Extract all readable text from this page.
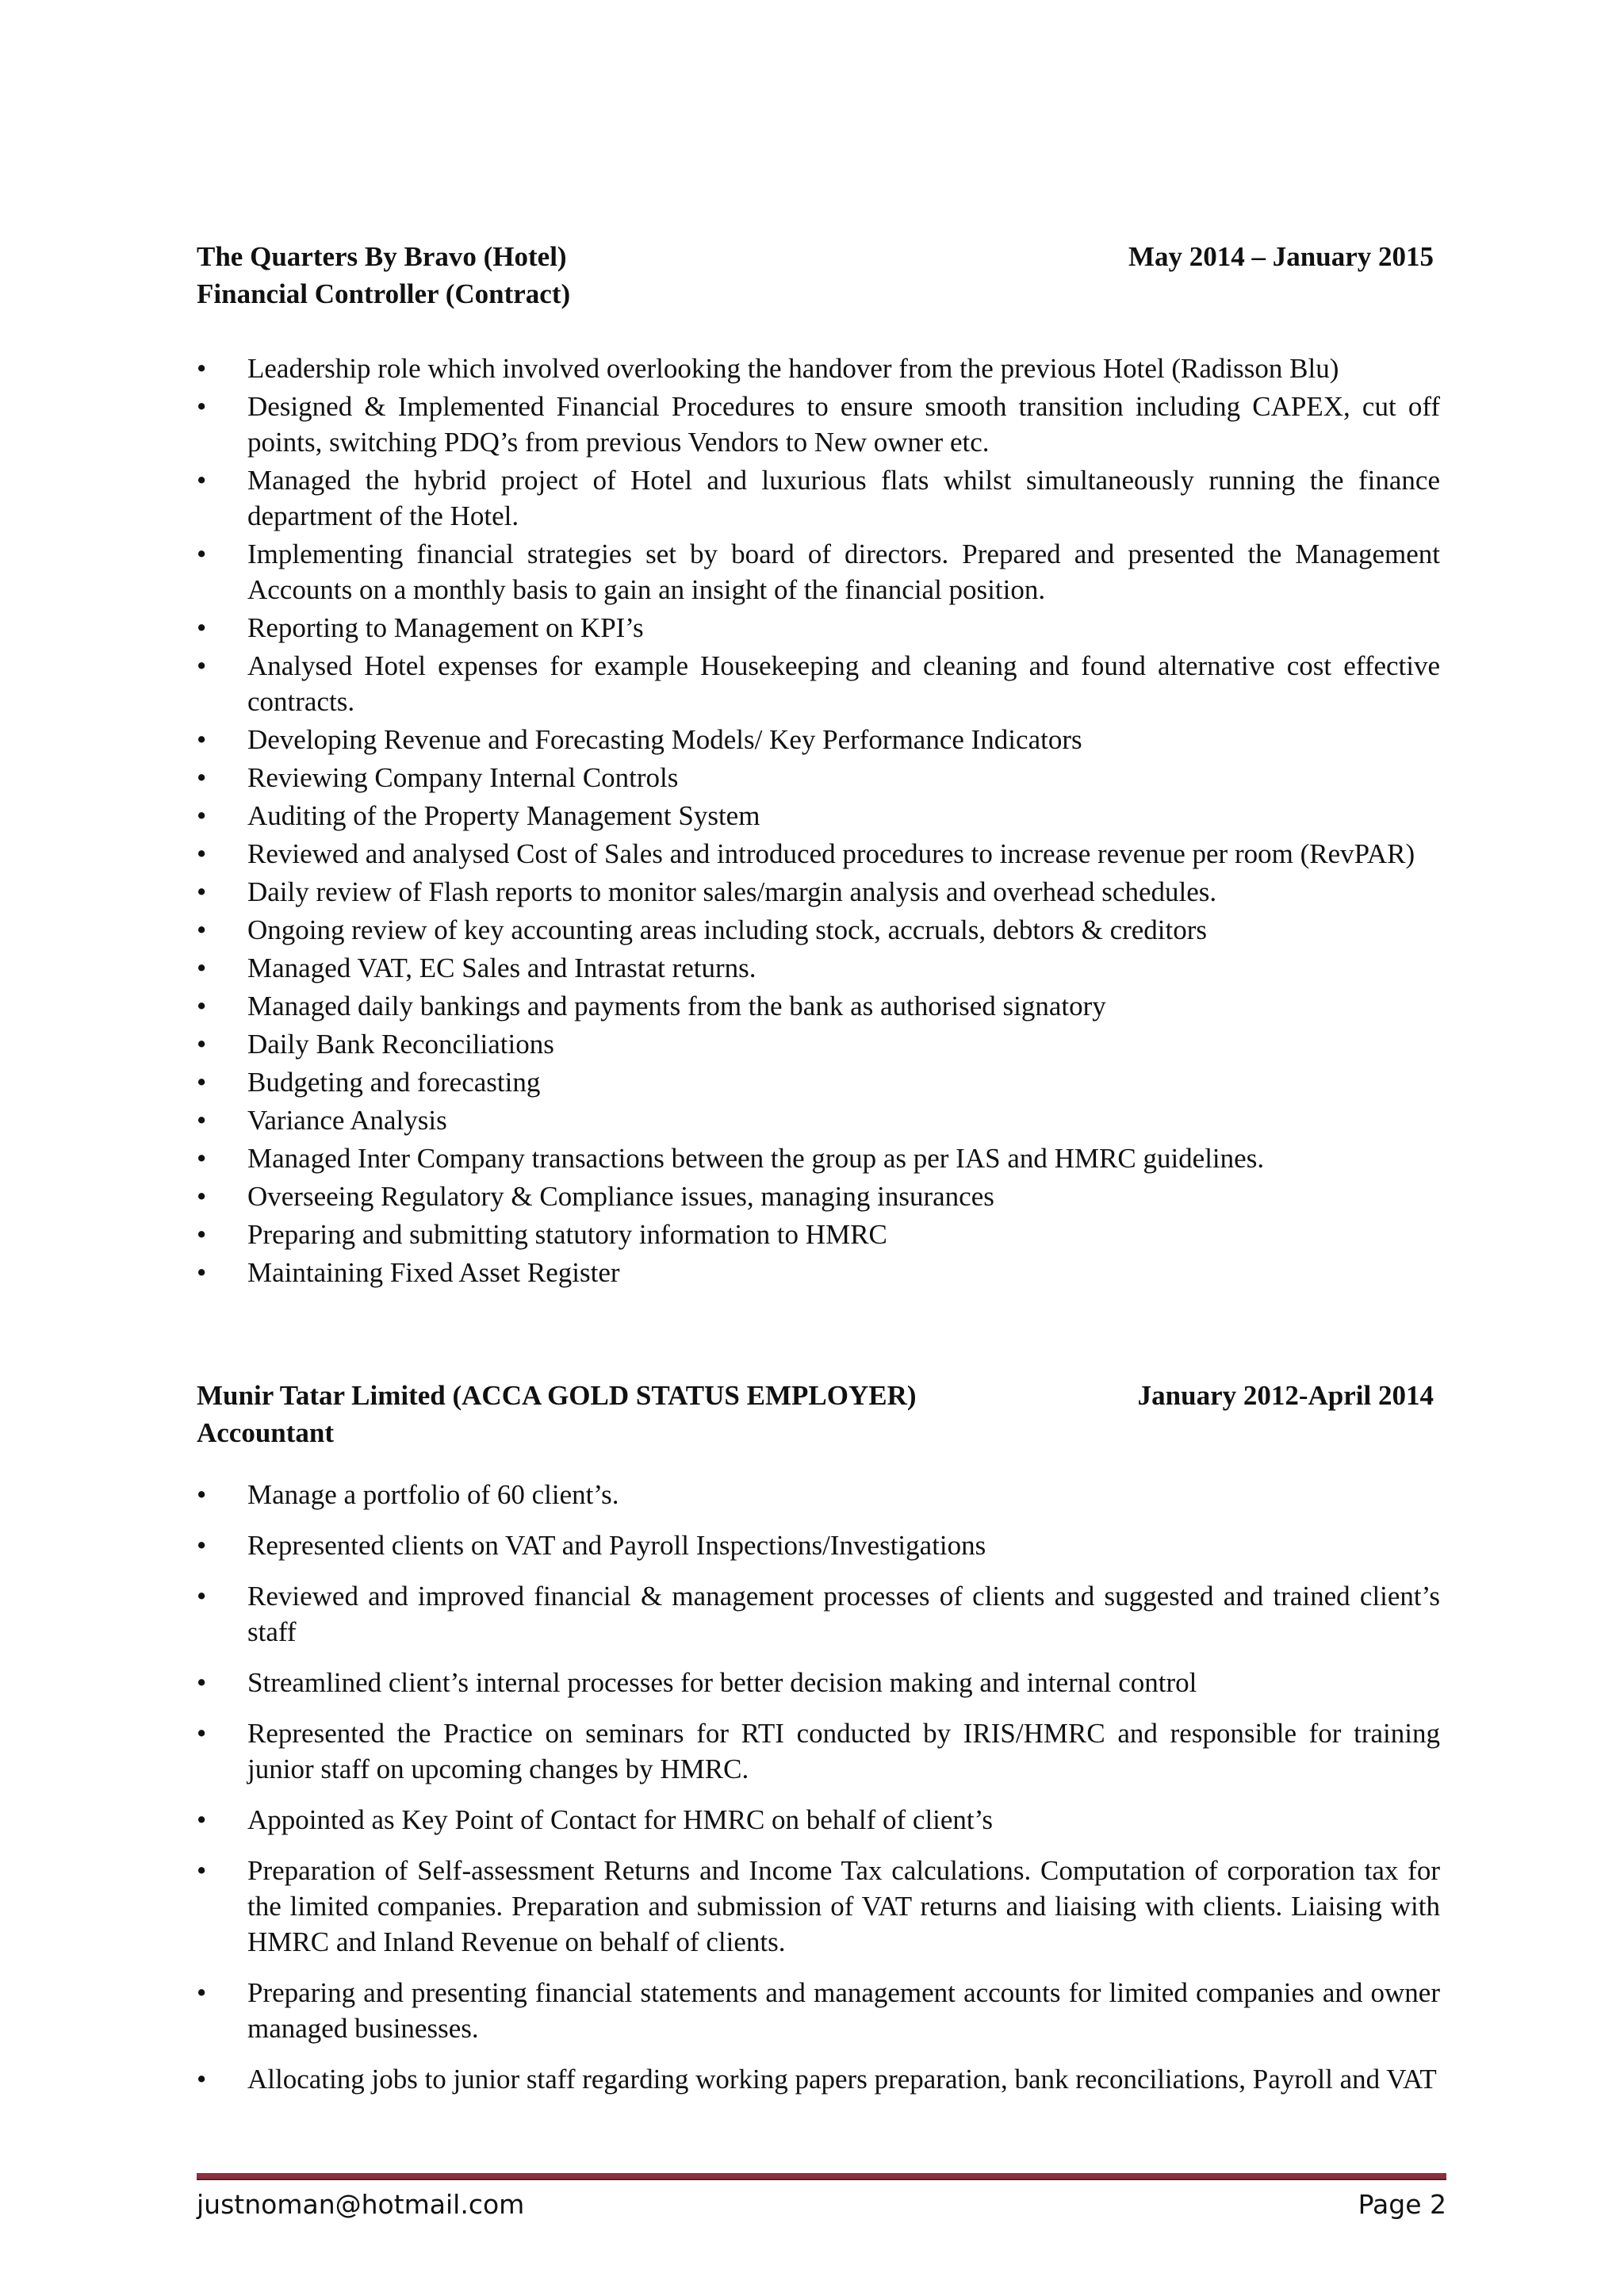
The Quarters By Bravo (Hotel)	May 2014 – January 2015
Financial Controller (Contract)
• Leadership role which involved overlooking the handover from the previous Hotel (Radisson Blu)
• Designed & Implemented Financial Procedures to ensure smooth transition including CAPEX, cut off points, switching PDQ’s from previous Vendors to New owner etc.
• Managed the hybrid project of Hotel and luxurious flats whilst simultaneously running the finance department of the Hotel.
• Implementing financial strategies set by board of directors. Prepared and presented the Management Accounts on a monthly basis to gain an insight of the financial position.
• Reporting to Management on KPI’s
• Analysed Hotel expenses for example Housekeeping and cleaning and found alternative cost effective contracts.
• Developing Revenue and Forecasting Models/ Key Performance Indicators
• Reviewing Company Internal Controls
• Auditing of the Property Management System
• Reviewed and analysed Cost of Sales and introduced procedures to increase revenue per room (RevPAR)
• Daily review of Flash reports to monitor sales/margin analysis and overhead schedules.
• Ongoing review of key accounting areas including stock, accruals, debtors & creditors
• Managed VAT, EC Sales and Intrastat returns.
• Managed daily bankings and payments from the bank as authorised signatory
• Daily Bank Reconciliations
• Budgeting and forecasting
• Variance Analysis
• Managed Inter Company transactions between the group as per IAS and HMRC guidelines.
• Overseeing Regulatory & Compliance issues, managing insurances
• Preparing and submitting statutory information to HMRC
• Maintaining Fixed Asset Register
Munir Tatar Limited (ACCA GOLD STATUS EMPLOYER)	January 2012-April 2014
Accountant
• Manage a portfolio of 60 client’s.
• Represented clients on VAT and Payroll Inspections/Investigations
• Reviewed and improved financial & management processes of clients and suggested and trained client’s staff
• Streamlined client’s internal processes for better decision making and internal control
• Represented the Practice on seminars for RTI conducted by IRIS/HMRC and responsible for training junior staff on upcoming changes by HMRC.
• Appointed as Key Point of Contact for HMRC on behalf of client’s
• Preparation of Self-assessment Returns and Income Tax calculations. Computation of corporation tax for the limited companies. Preparation and submission of VAT returns and liaising with clients. Liaising with HMRC and Inland Revenue on behalf of clients.
• Preparing and presenting financial statements and management accounts for limited companies and owner managed businesses.
• Allocating jobs to junior staff regarding working papers preparation, bank reconciliations, Payroll and VAT
justnoman@hotmail.com	Page 2
